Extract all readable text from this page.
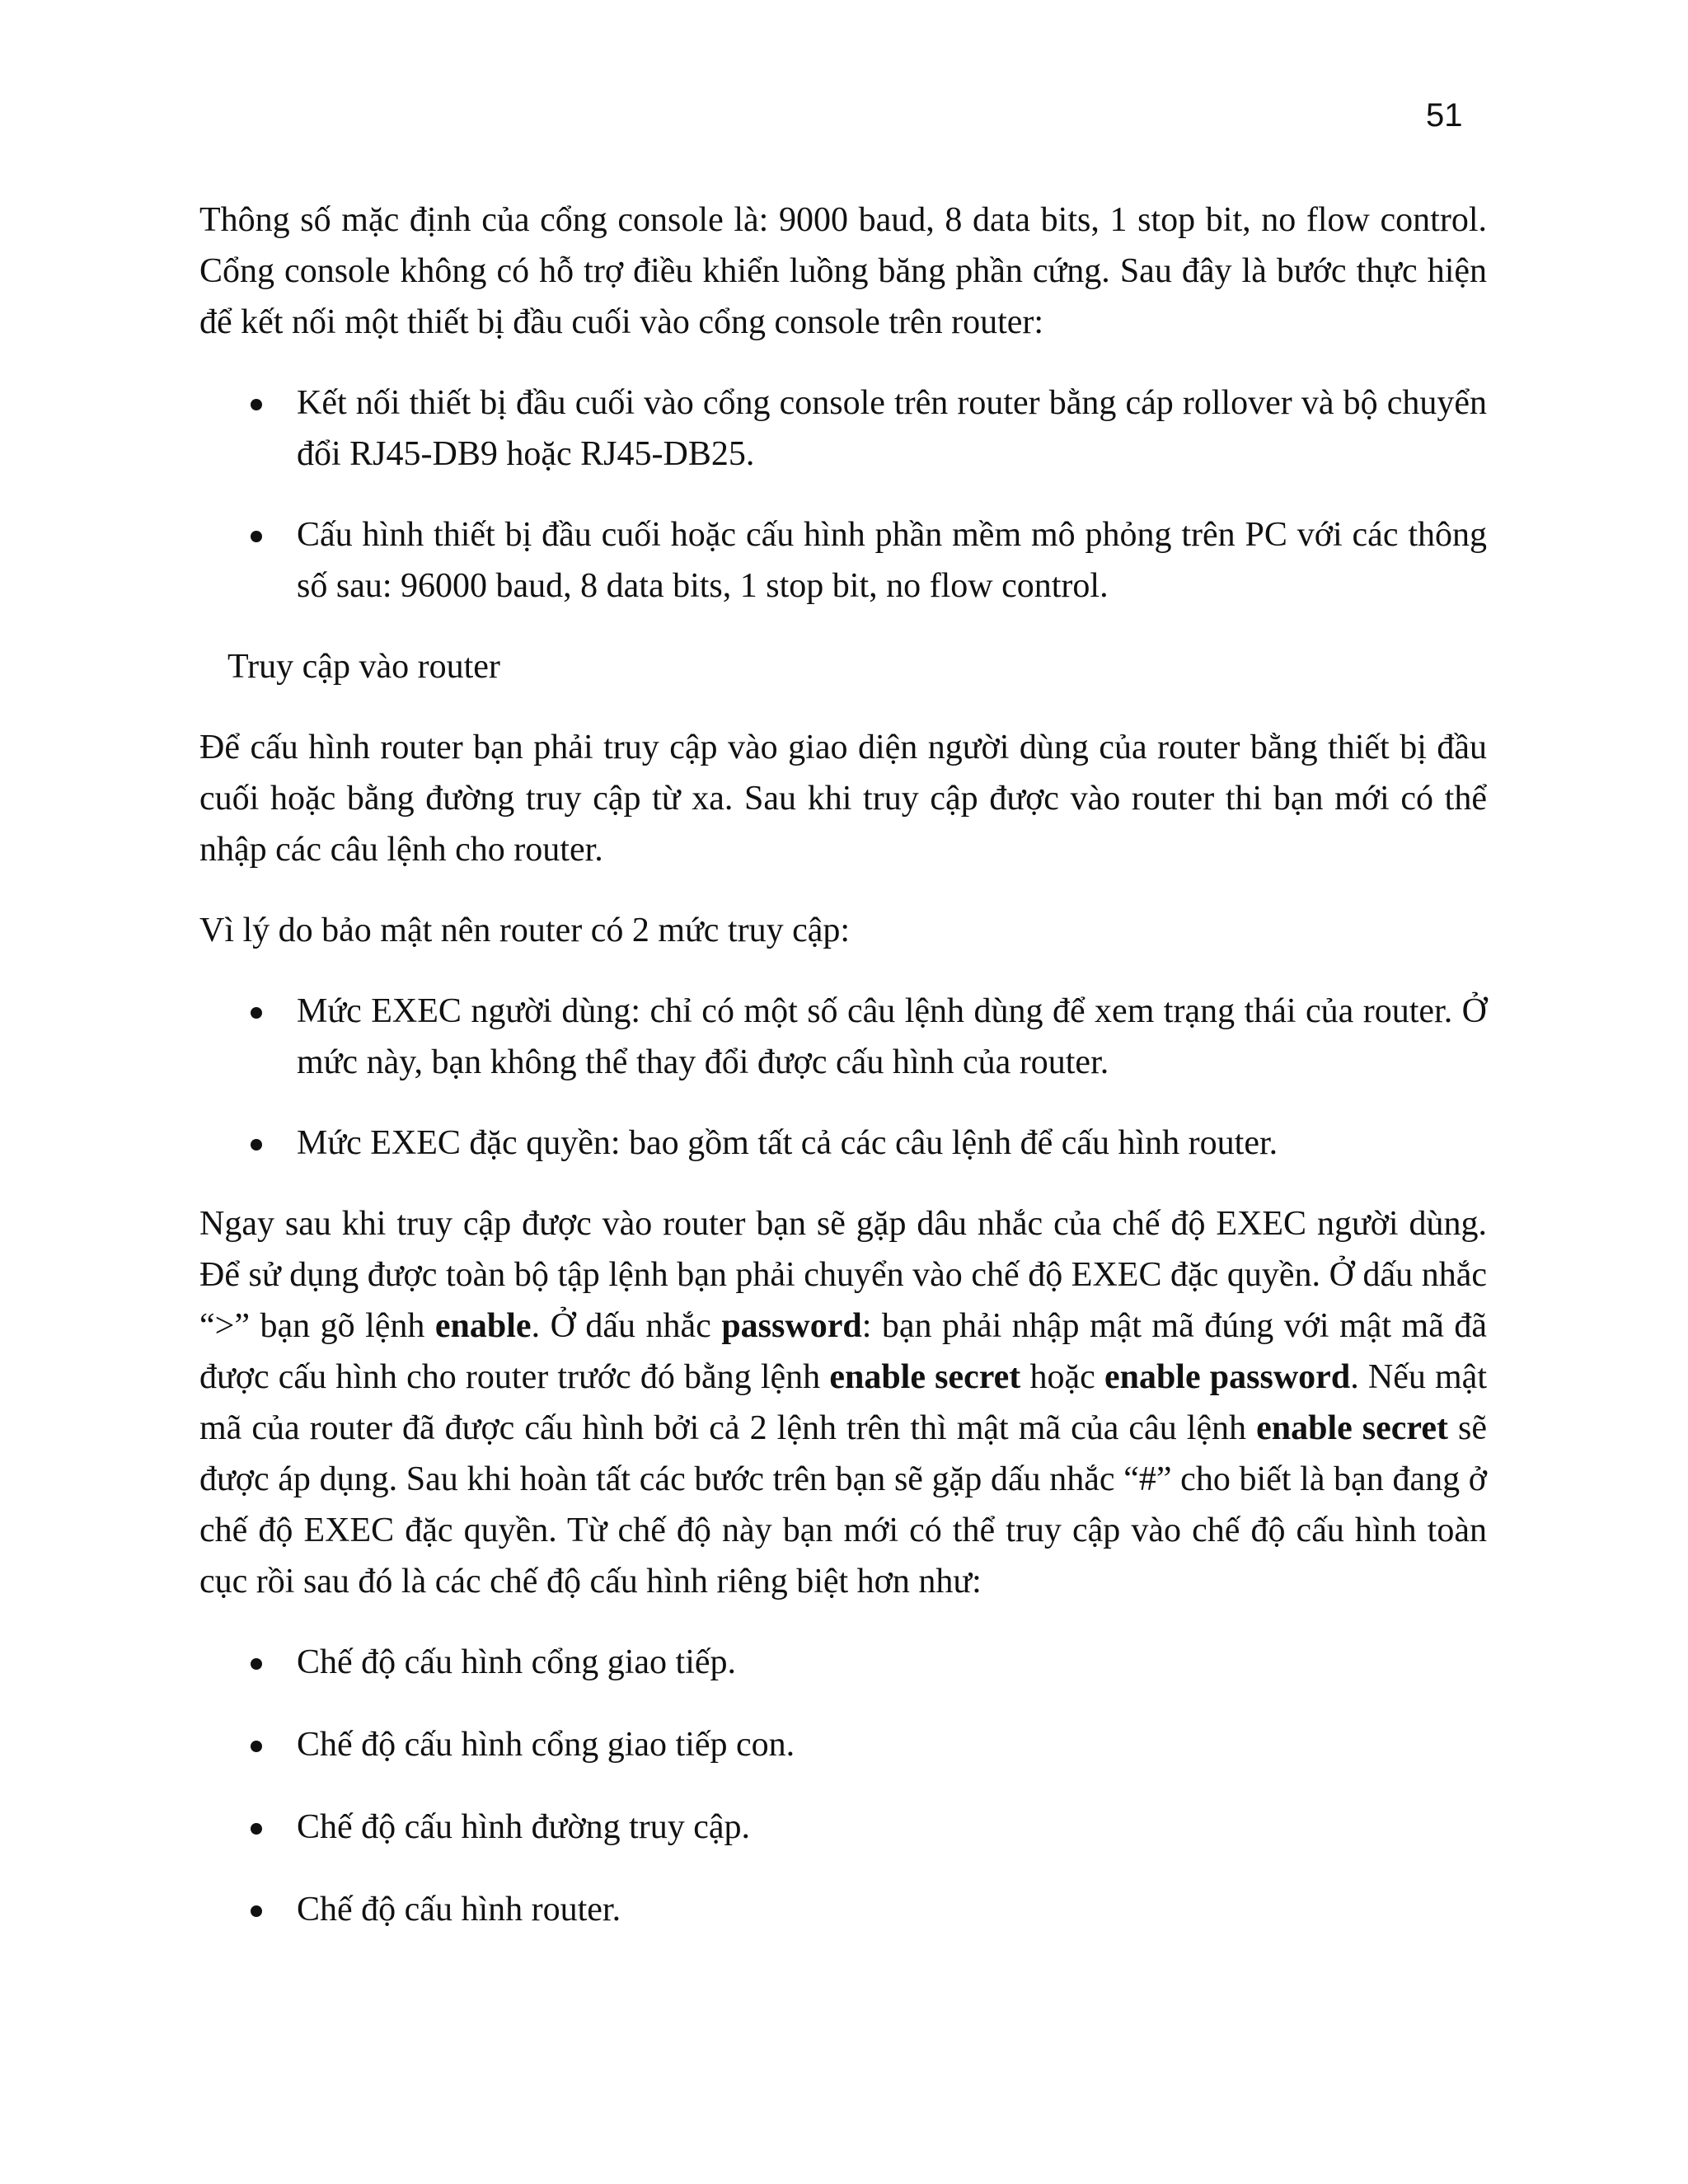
51

Thông số mặc định của cổng console là: 9000 baud, 8 data bits, 1 stop bit, no flow control. Cổng console không có hỗ trợ điều khiển luồng băng phần cứng. Sau đây là bước thực hiện để kết nối một thiết bị đầu cuối vào cổng console trên router:

Kết nối thiết bị đầu cuối vào cổng console trên router bằng cáp rollover và bộ chuyển đổi RJ45-DB9 hoặc RJ45-DB25.
Cấu hình thiết bị đầu cuối hoặc cấu hình phần mềm mô phỏng trên PC với các thông số sau: 96000 baud, 8 data bits, 1 stop bit, no flow control.

Truy cập vào router

Để cấu hình router bạn phải truy cập vào giao diện người dùng của router bằng thiết bị đầu cuối hoặc bằng đường truy cập từ xa. Sau khi truy cập được vào router thi bạn mới có thể nhập các câu lệnh cho router.

Vì lý do bảo mật nên router có 2 mức truy cập:

Mức EXEC người dùng: chỉ có một số câu lệnh dùng để xem trạng thái của router. Ở mức này, bạn không thể thay đổi được cấu hình của router.
Mức EXEC đặc quyền: bao gồm tất cả các câu lệnh để cấu hình router.

Ngay sau khi truy cập được vào router bạn sẽ gặp dâu nhắc của chế độ EXEC người dùng. Để sử dụng được toàn bộ tập lệnh bạn phải chuyển vào chế độ EXEC đặc quyền. Ở dấu nhắc “>” bạn gõ lệnh enable. Ở dấu nhắc password: bạn phải nhập mật mã đúng với mật mã đã được cấu hình cho router trước đó bằng lệnh enable secret hoặc enable password. Nếu mật mã của router đã được cấu hình bởi cả 2 lệnh trên thì mật mã của câu lệnh enable secret sẽ được áp dụng. Sau khi hoàn tất các bước trên bạn sẽ gặp dấu nhắc “#” cho biết là bạn đang ở chế độ EXEC đặc quyền. Từ chế độ này bạn mới có thể truy cập vào chế độ cấu hình toàn cục rồi sau đó là các chế độ cấu hình riêng biệt hơn như:

Chế độ cấu hình cổng giao tiếp.
Chế độ cấu hình cổng giao tiếp con.
Chế độ cấu hình đường truy cập.
Chế độ cấu hình router.
